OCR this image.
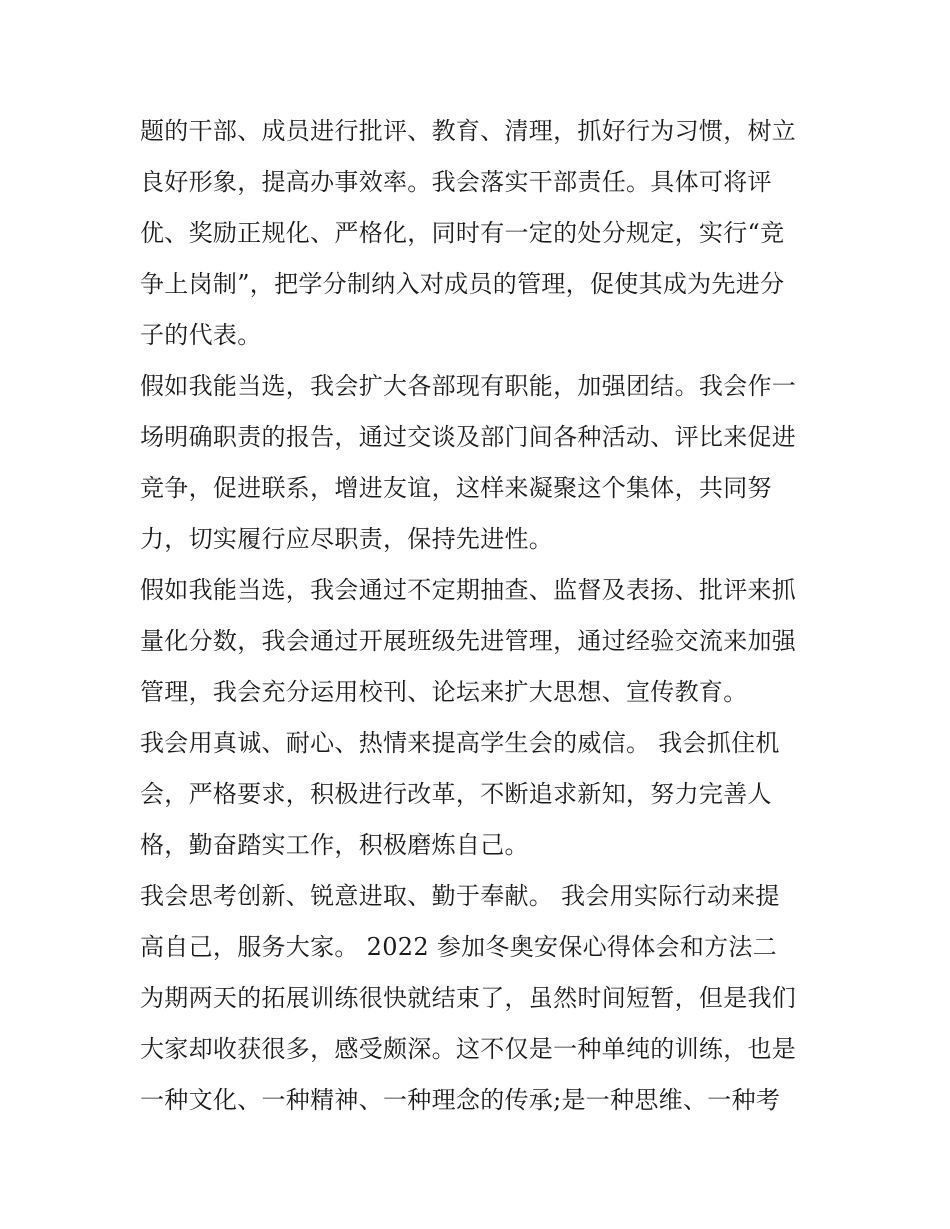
题的干部、成员进行批评、教育、清理，抓好行为习惯，树立
良好形象，提高办事效率。我会落实干部责任。具体可将评
优、奖励正规化、严格化，同时有一定的处分规定，实行“竞
争上岗制”，把学分制纳入对成员的管理，促使其成为先进分
子的代表。

假如我能当选，我会扩大各部现有职能，加强团结。我会作一
场明确职责的报告，通过交谈及部门间各种活动、评比来促进
竞争，促进联系，增进友谊，这样来凝聚这个集体，共同努
力，切实履行应尽职责，保持先进性。

假如我能当选，我会通过不定期抽查、监督及表扬、批评来抓
量化分数，我会通过开展班级先进管理，通过经验交流来加强
管理，我会充分运用校刊、论坛来扩大思想、宣传教育。

我会用真诚、耐心、热情来提高学生会的威信。 我会抓住机
会，严格要求，积极进行改革，不断追求新知，努力完善人
格，勤奋踏实工作，积极磨炼自己。

我会思考创新、锐意进取、勤于奉献。 我会用实际行动来提
高自己，服务大家。 2022 参加冬奥安保心得体会和方法二

为期两天的拓展训练很快就结束了，虽然时间短暂，但是我们
大家却收获很多，感受颇深。这不仅是一种单纯的训练，也是
一种文化、一种精神、一种理念的传承;是一种思维、一种考
